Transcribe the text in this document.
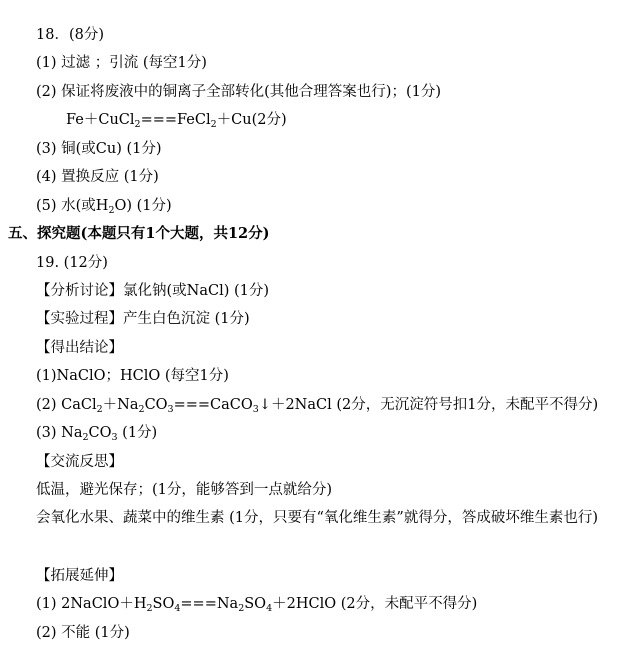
18．(8分)
(1) 过滤 ；引流 (每空1分)
(2) 保证将废液中的铜离子全部转化(其他合理答案也行)；(1分)
Fe＋CuCl$_2$===FeCl$_2$＋Cu(2分)
(3) 铜(或Cu) (1分)
(4) 置换反应 (1分)
(5) 水(或$H_2O$) (1分)
五、探究题(本题只有1个大题，共12分)
19. (12分)
【分析讨论】氯化钠(或NaCl) (1分)
【实验过程】产生白色沉淀 (1分)
【得出结论】
(1)NaClO；HClO (每空1分)
(2) $CaCl_2+Na_2CO_3===CaCO_3↓+2NaCl$ (2分，无沉淀符号扣1分，未配平不得分)
(3) $Na_2CO_3$ (1分)
【交流反思】
低温，避光保存；(1分，能够答到一点就给分)
会氧化水果、蔬菜中的维生素 (1分，只要有“氧化维生素”就得分，答成破坏维生素也行)
【拓展延伸】
(1) $2NaClO+H_2SO_4===Na_2SO_4+2HClO$ (2分，未配平不得分)
(2) 不能 (1分)
